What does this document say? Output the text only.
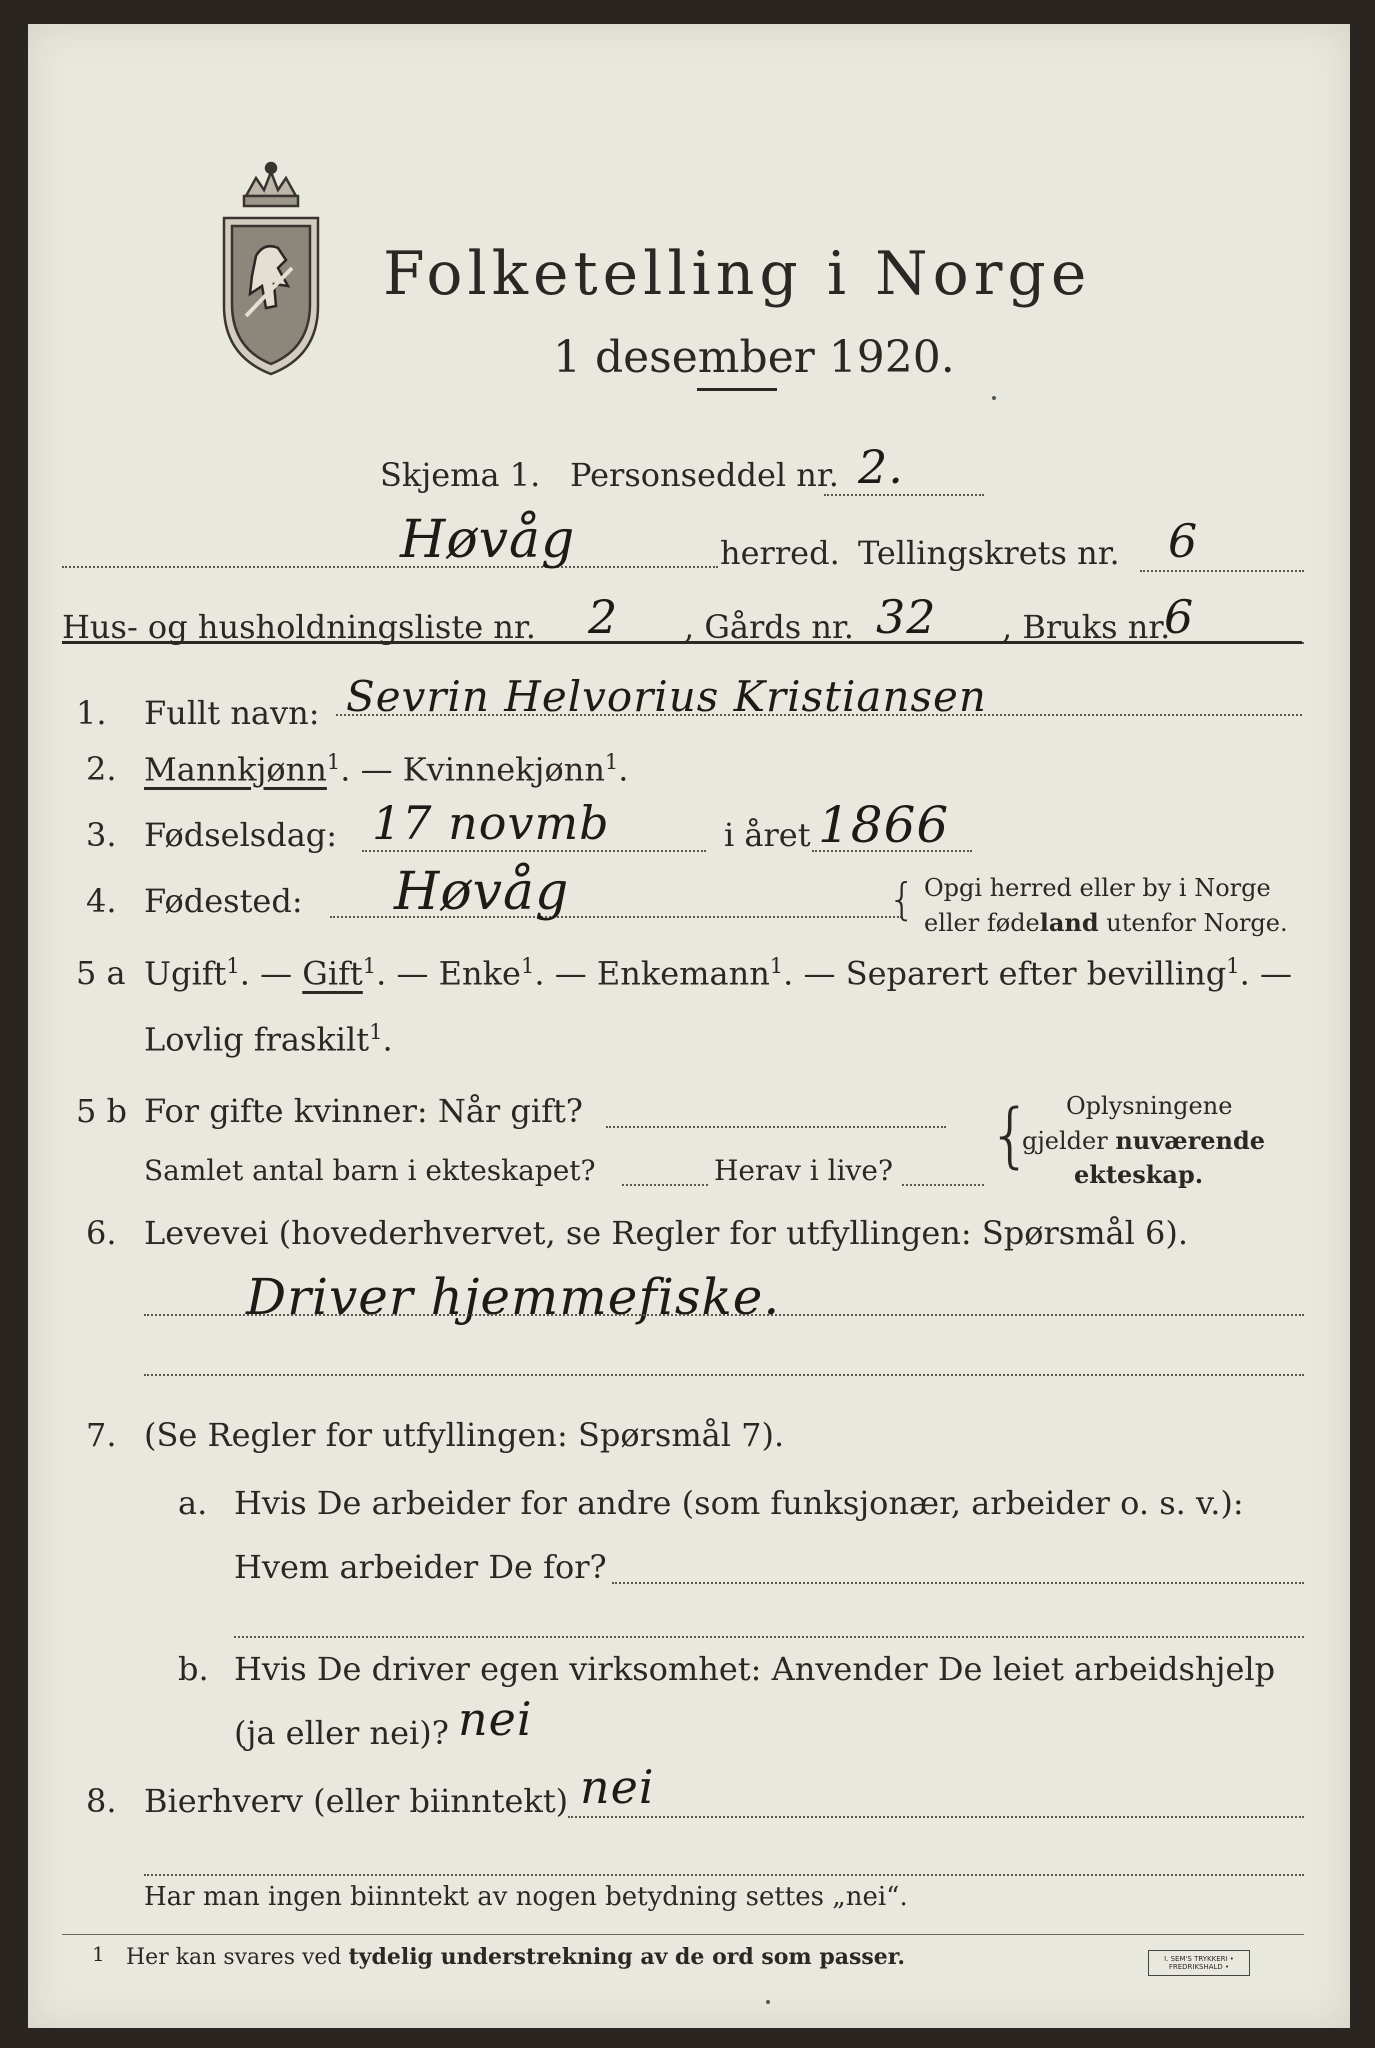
Folketelling i Norge
1 desember 1920.
Skjema 1. Personseddel nr. 2.
Høvåg	herred. Tellingskrets nr. 6
Hus- og husholdningsliste nr. 2 , Gårds nr. 32 , Bruks nr.
6
1. Fullt navn: Sevrin Helvorius Kristiansen
2. Mannkjønn$^1$. — Kvinnekjønn$^1$.
3. Fødselsdag: 17 novmb	i året 1866
4. Fødested: Høvåg	{ Opgi herred eller by i Norge
eller fødeland utenfor Norge.
5 a Ugift$^1$. — Gift$^1$. — Enke$^1$. — Enkemann$^1$. — Separert efter bevilling$^1$. —
Lovlig fraskilt$^1$.
5 b For gifte kvinner: Når gift?
Samlet antal barn i ekteskapet?	Herav i live? { Oplysningene
gjelder nuværende
ekteskap.
6. Levevei (hovederhvervet, se Regler for utfyllingen: Spørsmål 6).
Driver hjemmefiske.
7. (Se Regler for utfyllingen: Spørsmål 7).
a. Hvis De arbeider for andre (som funksjonær, arbeider o. s. v.):
Hvem arbeider De for?
b. Hvis De driver egen virksomhet: Anvender De leiet arbeidshjelp
(ja eller nei)? nei
8. Bierhverv (eller biinntekt) nei
Har man ingen biinntekt av nogen betydning settes „nei“.
1 Her kan svares ved tydelig understrekning av de ord som passer.	I. SEM'S TRYKKERI • FREDRIKSHALD •
